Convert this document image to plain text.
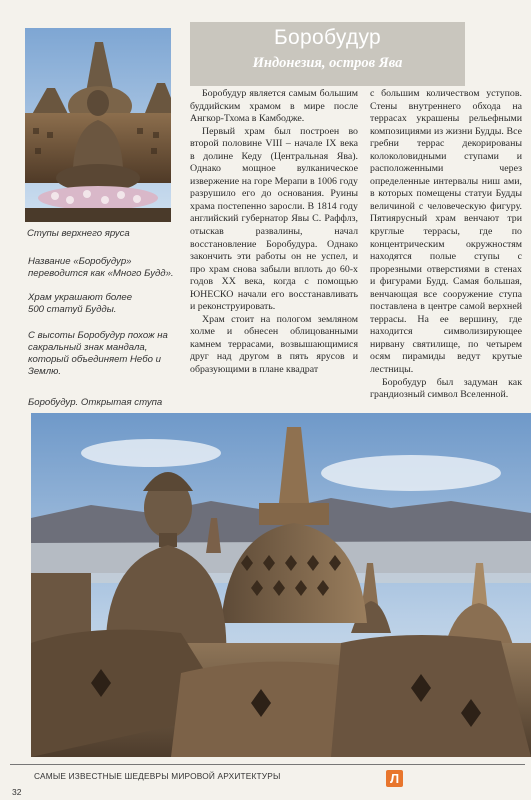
Ступы верхнего яруса
Название «Боробудур» переводится как «Много Будд».
Храм украшают более 500 статуй Будды.
С высоты Боробудур похож на сакральный знак мандала, который объединяет Небо и Землю.
Боробудур
Индонезия, остров Ява

Боробудур является самым большим буддийским храмом в мире после Ангкор-Тхома в Камбодже.

Первый храм был построен во второй половине VIII – начале IX века в долине Кеду (Центральная Ява). Однако мощное вулканическое извержение на горе Мерапи в 1006 году разрушило его до основания. Руины храма постепенно заросли. В 1814 году английский губернатор Явы С. Раффлз, отыскав развалины, начал восстановление Боробудура. Однако закончить эти работы он не успел, и про храм снова забыли вплоть до 60-х годов XX века, когда с помощью ЮНЕСКО начали его восстанавливать и реконструировать.

Храм стоит на пологом земляном холме и обнесен облицованными камнем террасами, возвышающимися друг над другом в пять ярусов и образующими в плане квадрат

с большим количеством уступов. Стены внутреннего обхода на террасах украшены рельефными композициями из жизни Будды. Все гребни террас декорированы колоколовидными ступами и расположенными через определенные интервалы ниш ами, в которых помещены статуи Будды величиной с человеческую фигуру. Пятиярусный храм венчают три круглые террасы, где по концентрическим окружностям находятся полые ступы с прорезными отверстиями в стенах и фигурами Будд. Самая большая, венчающая все сооружение ступа поставлена в центре самой верхней террасы. На ее вершину, где находится символизирующее нирвану святилище, по четырем осям пирамиды ведут крутые лестницы.

Боробудур был задуман как грандиозный символ Вселенной.

Боробудур. Открытая ступа
САМЫЕ ИЗВЕСТНЫЕ ШЕДЕВРЫ МИРОВОЙ АРХИТЕКТУРЫ	Л
32
